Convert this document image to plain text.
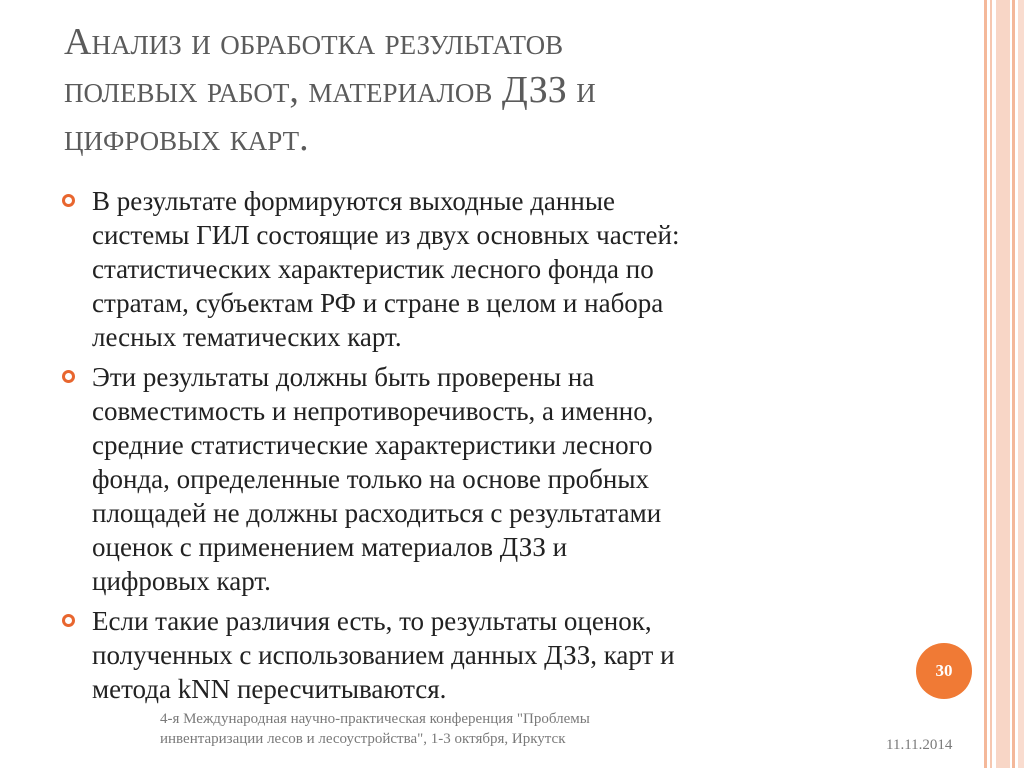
Анализ и обработка результатов
полевых работ, материалов ДЗЗ и
цифровых карт.
В результате формируются выходные данные
системы ГИЛ состоящие из двух основных частей:
статистических характеристик лесного фонда по
стратам, субъектам РФ и стране в целом и набора
лесных тематических карт.
Эти результаты должны быть проверены на
совместимость и непротиворечивость, а именно,
средние статистические характеристики лесного
фонда, определенные только на основе пробных
площадей не должны расходиться с результатами
оценок с применением материалов ДЗЗ и
цифровых карт.
Если такие различия есть, то результаты оценок,
полученных с использованием данных ДЗЗ, карт и
метода kNN пересчитываются.
30
4-я Международная научно-практическая конференция "Проблемы
инвентаризации лесов и лесоустройства", 1-3 октября, Иркутск	11.11.2014
